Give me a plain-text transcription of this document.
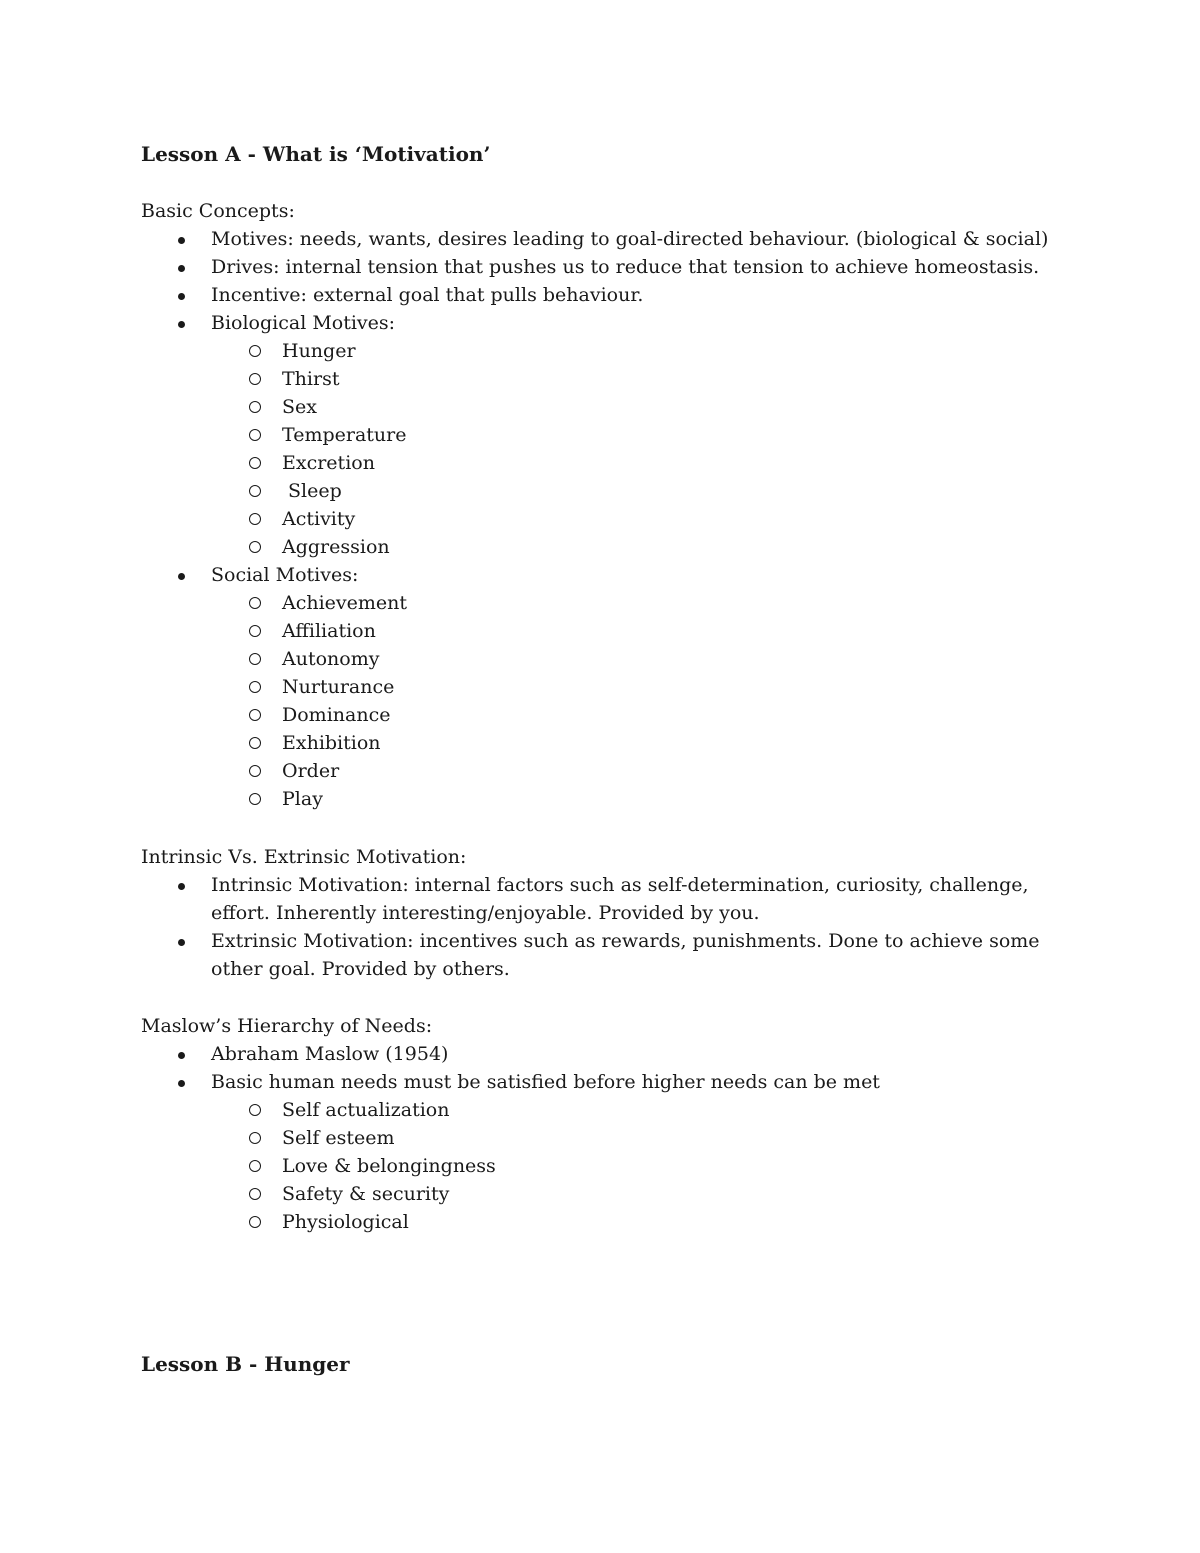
Lesson A - What is ‘Motivation’
Basic Concepts:
Motives: needs, wants, desires leading to goal-directed behaviour. (biological & social)
Drives: internal tension that pushes us to reduce that tension to achieve homeostasis.
Incentive: external goal that pulls behaviour.
Biological Motives:
Hunger
Thirst
Sex
Temperature
Excretion
Sleep
Activity
Aggression
Social Motives:
Achievement
Affiliation
Autonomy
Nurturance
Dominance
Exhibition
Order
Play
Intrinsic Vs. Extrinsic Motivation:
Intrinsic Motivation: internal factors such as self-determination, curiosity, challenge, effort. Inherently interesting/enjoyable. Provided by you.
Extrinsic Motivation: incentives such as rewards, punishments. Done to achieve some other goal. Provided by others.
Maslow’s Hierarchy of Needs:
Abraham Maslow (1954)
Basic human needs must be satisfied before higher needs can be met
Self actualization
Self esteem
Love & belongingness
Safety & security
Physiological
Lesson B - Hunger
